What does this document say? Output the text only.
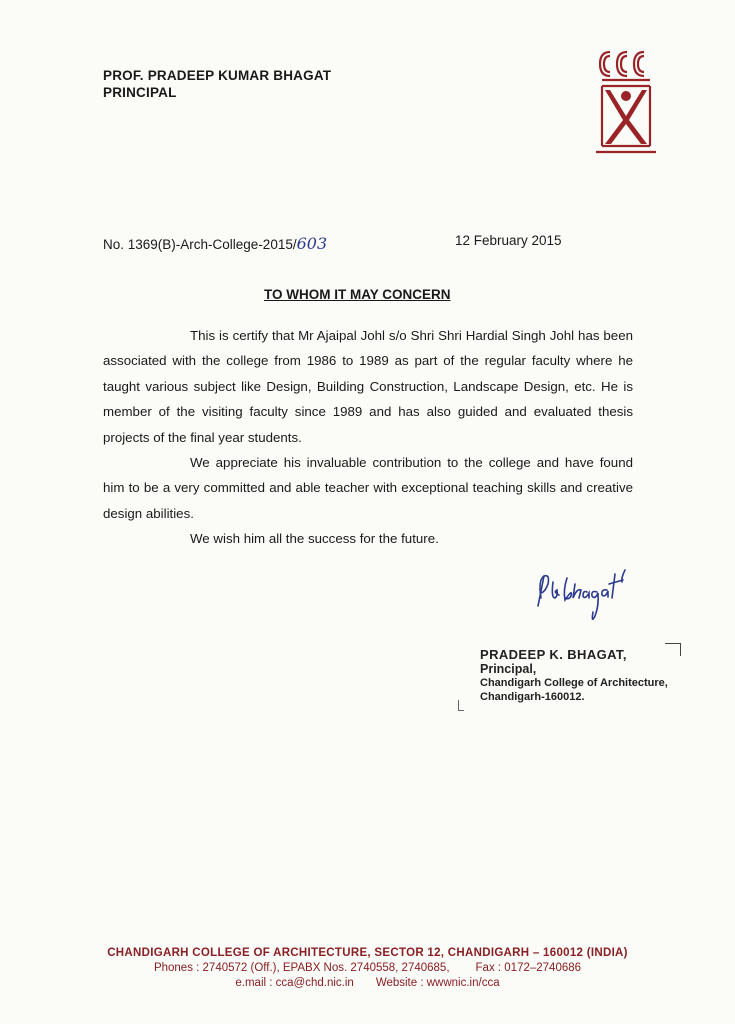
PROF. PRADEEP KUMAR BHAGAT
PRINCIPAL
No. 1369(B)-Arch-College-2015/603	12 February 2015
TO WHOM IT MAY CONCERN

This is certify that Mr Ajaipal Johl s/o Shri Shri Hardial Singh Johl has been associated with the college from 1986 to 1989 as part of the regular faculty where he taught various subject like Design, Building Construction, Landscape Design, etc. He is member of the visiting faculty since 1989 and has also guided and evaluated thesis projects of the final year students.

We appreciate his invaluable contribution to the college and have found him to be a very committed and able teacher with exceptional teaching skills and creative design abilities.

We wish him all the success for the future.

PRADEEP K. BHAGAT,
Principal,
Chandigarh College of Architecture,
Chandigarh-160012.
CHANDIGARH COLLEGE OF ARCHITECTURE, SECTOR 12, CHANDIGARH – 160012 (INDIA)
Phones : 2740572 (Off.), EPABX Nos. 2740558, 2740685, Fax : 0172–2740686
e.mail : cca@chd.nic.in Website : wwwnic.in/cca
